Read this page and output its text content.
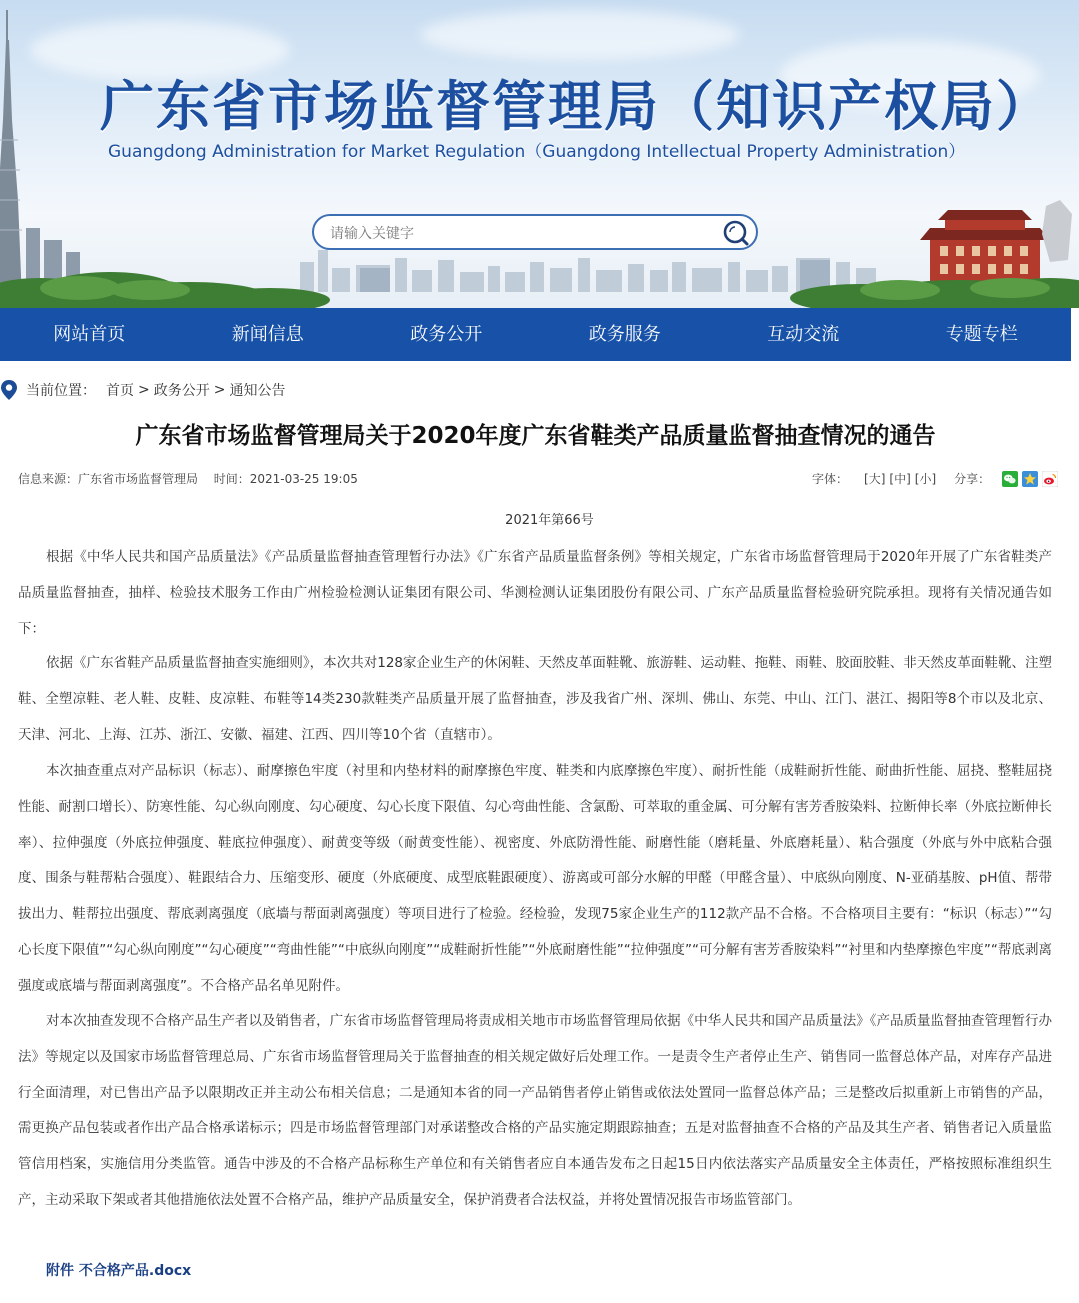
广东省市场监督管理局（知识产权局）
Guangdong Administration for Market Regulation（Guangdong Intellectual Property Administration）
请输入关键字
网站首页	新闻信息	政务公开	政务服务	互动交流	专题专栏
当前位置： 首页 > 政务公开 > 通知公告
广东省市场监督管理局关于2020年度广东省鞋类产品质量监督抽查情况的通告
信息来源：广东省市场监督管理局 时间：2021-03-25 19:05	字体： [大] [中] [小] 分享：
2021年第66号

根据《中华人民共和国产品质量法》《产品质量监督抽查管理暂行办法》《广东省产品质量监督条例》等相关规定，广东省市场监督管理局于2020年开展了广东省鞋类产品质量监督抽查，抽样、检验技术服务工作由广州检验检测认证集团有限公司、华测检测认证集团股份有限公司、广东产品质量监督检验研究院承担。现将有关情况通告如下：

依据《广东省鞋产品质量监督抽查实施细则》，本次共对128家企业生产的休闲鞋、天然皮革面鞋靴、旅游鞋、运动鞋、拖鞋、雨鞋、胶面胶鞋、非天然皮革面鞋靴、注塑鞋、全塑凉鞋、老人鞋、皮鞋、皮凉鞋、布鞋等14类230款鞋类产品质量开展了监督抽查，涉及我省广州、深圳、佛山、东莞、中山、江门、湛江、揭阳等8个市以及北京、天津、河北、上海、江苏、浙江、安徽、福建、江西、四川等10个省（直辖市）。

本次抽查重点对产品标识（标志）、耐摩擦色牢度（衬里和内垫材料的耐摩擦色牢度、鞋类和内底摩擦色牢度）、耐折性能（成鞋耐折性能、耐曲折性能、屈挠、整鞋屈挠性能、耐割口增长）、防寒性能、勾心纵向刚度、勾心硬度、勾心长度下限值、勾心弯曲性能、含氯酚、可萃取的重金属、可分解有害芳香胺染料、拉断伸长率（外底拉断伸长率）、拉伸强度（外底拉伸强度、鞋底拉伸强度）、耐黄变等级（耐黄变性能）、视密度、外底防滑性能、耐磨性能（磨耗量、外底磨耗量）、粘合强度（外底与外中底粘合强度、围条与鞋帮粘合强度）、鞋跟结合力、压缩变形、硬度（外底硬度、成型底鞋跟硬度）、游离或可部分水解的甲醛（甲醛含量）、中底纵向刚度、N-亚硝基胺、pH值、帮带拔出力、鞋帮拉出强度、帮底剥离强度（底墙与帮面剥离强度）等项目进行了检验。经检验，发现75家企业生产的112款产品不合格。不合格项目主要有：“标识（标志）”“勾心长度下限值”“勾心纵向刚度”“勾心硬度”“弯曲性能”“中底纵向刚度”“成鞋耐折性能”“外底耐磨性能”“拉伸强度”“可分解有害芳香胺染料”“衬里和内垫摩擦色牢度”“帮底剥离强度或底墙与帮面剥离强度”。不合格产品名单见附件。

对本次抽查发现不合格产品生产者以及销售者，广东省市场监督管理局将责成相关地市市场监督管理局依据《中华人民共和国产品质量法》《产品质量监督抽查管理暂行办法》等规定以及国家市场监督管理总局、广东省市场监督管理局关于监督抽查的相关规定做好后处理工作。一是责令生产者停止生产、销售同一监督总体产品，对库存产品进行全面清理，对已售出产品予以限期改正并主动公布相关信息；二是通知本省的同一产品销售者停止销售或依法处置同一监督总体产品；三是整改后拟重新上市销售的产品，需更换产品包装或者作出产品合格承诺标示；四是市场监督管理部门对承诺整改合格的产品实施定期跟踪抽查；五是对监督抽查不合格的产品及其生产者、销售者记入质量监管信用档案，实施信用分类监管。通告中涉及的不合格产品标称生产单位和有关销售者应自本通告发布之日起15日内依法落实产品质量安全主体责任，严格按照标准组织生产，主动采取下架或者其他措施依法处置不合格产品，维护产品质量安全，保护消费者合法权益，并将处置情况报告市场监管部门。

附件 不合格产品.docx
